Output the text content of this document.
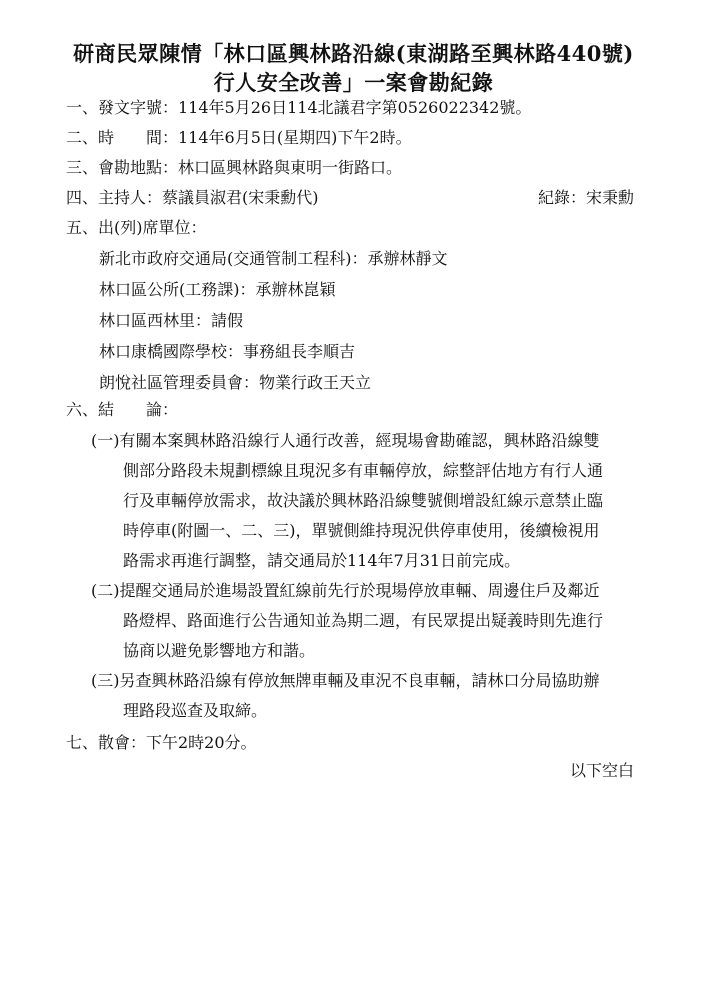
研商民眾陳情「林口區興林路沿線(東湖路至興林路440號)
行人安全改善」一案會勘紀錄
一、發文字號：114年5月26日114北議君字第0526022342號。
二、時　　間：114年6月5日(星期四)下午2時。
三、會勘地點：林口區興林路與東明一街路口。
四、主持人：蔡議員淑君(宋秉勳代)	紀錄：宋秉勳
五、出(列)席單位：
新北市政府交通局(交通管制工程科)：承辦林靜文
林口區公所(工務課)：承辦林崑穎
林口區西林里：請假
林口康橋國際學校：事務組長李順吉
朗悅社區管理委員會：物業行政王天立
六、結　　論：
(一)有關本案興林路沿線行人通行改善，經現場會勘確認，興林路沿線雙
側部分路段未規劃標線且現況多有車輛停放，綜整評估地方有行人通
行及車輛停放需求，故決議於興林路沿線雙號側增設紅線示意禁止臨
時停車(附圖一、二、三)，單號側維持現況供停車使用，後續檢視用
路需求再進行調整，請交通局於114年7月31日前完成。
(二)提醒交通局於進場設置紅線前先行於現場停放車輛、周邊住戶及鄰近
路燈桿、路面進行公告通知並為期二週，有民眾提出疑義時則先進行
協商以避免影響地方和諧。
(三)另查興林路沿線有停放無牌車輛及車況不良車輛，請林口分局協助辦
理路段巡查及取締。
七、散會：下午2時20分。
以下空白
